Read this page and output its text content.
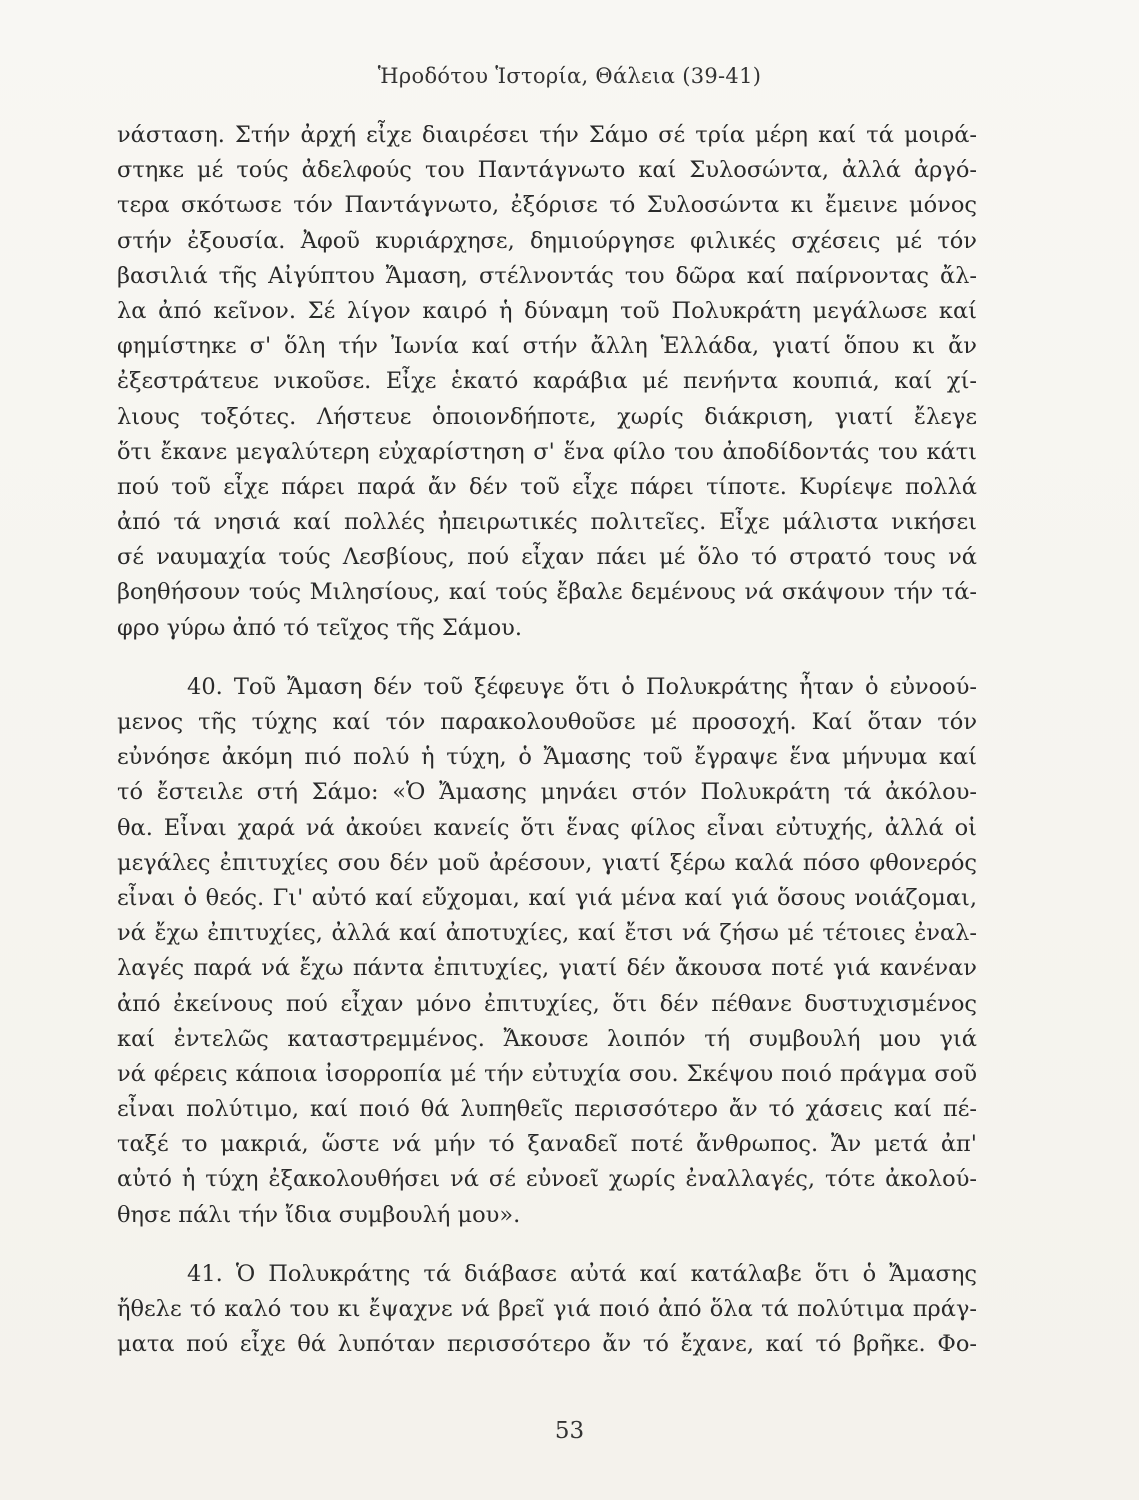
Ἡροδότου Ἱστορία, Θάλεια (39-41)
νάσταση. Στήν ἀρχή εἶχε διαιρέσει τήν Σάμο σέ τρία μέρη καί τά μοιρά-
στηκε μέ τούς ἀδελφούς του Παντάγνωτο καί Συλοσώντα, ἀλλά ἀργό-
τερα σκότωσε τόν Παντάγνωτο, ἐξόρισε τό Συλοσώντα κι ἔμεινε μόνος
στήν ἐξουσία. Ἀφοῦ κυριάρχησε, δημιούργησε φιλικές σχέσεις μέ τόν
βασιλιά τῆς Αἰγύπτου Ἄμαση, στέλνοντάς του δῶρα καί παίρνοντας ἄλ-
λα ἀπό κεῖνον. Σέ λίγον καιρό ἡ δύναμη τοῦ Πολυκράτη μεγάλωσε καί
φημίστηκε σ' ὅλη τήν Ἰωνία καί στήν ἄλλη Ἑλλάδα, γιατί ὅπου κι ἄν
ἐξεστράτευε νικοῦσε. Εἶχε ἑκατό καράβια μέ πενήντα κουπιά, καί χί-
λιους τοξότες. Λήστευε ὁποιονδήποτε, χωρίς διάκριση, γιατί ἔλεγε
ὅτι ἔκανε μεγαλύτερη εὐχαρίστηση σ' ἕνα φίλο του ἀποδίδοντάς του κάτι
πού τοῦ εἶχε πάρει παρά ἄν δέν τοῦ εἶχε πάρει τίποτε. Κυρίεψε πολλά
ἀπό τά νησιά καί πολλές ἠπειρωτικές πολιτεῖες. Εἶχε μάλιστα νικήσει
σέ ναυμαχία τούς Λεσβίους, πού εἶχαν πάει μέ ὅλο τό στρατό τους νά
βοηθήσουν τούς Μιλησίους, καί τούς ἔβαλε δεμένους νά σκάψουν τήν τά-
φρο γύρω ἀπό τό τεῖχος τῆς Σάμου.
40. Τοῦ Ἄμαση δέν τοῦ ξέφευγε ὅτι ὁ Πολυκράτης ἦταν ὁ εὐνοού-
μενος τῆς τύχης καί τόν παρακολουθοῦσε μέ προσοχή. Καί ὅταν τόν
εὐνόησε ἀκόμη πιό πολύ ἡ τύχη, ὁ Ἄμασης τοῦ ἔγραψε ἕνα μήνυμα καί
τό ἔστειλε στή Σάμο: «Ὁ Ἄμασης μηνάει στόν Πολυκράτη τά ἀκόλου-
θα. Εἶναι χαρά νά ἀκούει κανείς ὅτι ἕνας φίλος εἶναι εὐτυχής, ἀλλά οἱ
μεγάλες ἐπιτυχίες σου δέν μοῦ ἀρέσουν, γιατί ξέρω καλά πόσο φθονερός
εἶναι ὁ θεός. Γι' αὐτό καί εὔχομαι, καί γιά μένα καί γιά ὅσους νοιάζομαι,
νά ἔχω ἐπιτυχίες, ἀλλά καί ἀποτυχίες, καί ἔτσι νά ζήσω μέ τέτοιες ἐναλ-
λαγές παρά νά ἔχω πάντα ἐπιτυχίες, γιατί δέν ἄκουσα ποτέ γιά κανέναν
ἀπό ἐκείνους πού εἶχαν μόνο ἐπιτυχίες, ὅτι δέν πέθανε δυστυχισμένος
καί ἐντελῶς καταστρεμμένος. Ἄκουσε λοιπόν τή συμβουλή μου γιά
νά φέρεις κάποια ἰσορροπία μέ τήν εὐτυχία σου. Σκέψου ποιό πράγμα σοῦ
εἶναι πολύτιμο, καί ποιό θά λυπηθεῖς περισσότερο ἄν τό χάσεις καί πέ-
ταξέ το μακριά, ὥστε νά μήν τό ξαναδεῖ ποτέ ἄνθρωπος. Ἄν μετά ἀπ'
αὐτό ἡ τύχη ἐξακολουθήσει νά σέ εὐνοεῖ χωρίς ἐναλλαγές, τότε ἀκολού-
θησε πάλι τήν ἴδια συμβουλή μου».
41. Ὁ Πολυκράτης τά διάβασε αὐτά καί κατάλαβε ὅτι ὁ Ἄμασης
ἤθελε τό καλό του κι ἔψαχνε νά βρεῖ γιά ποιό ἀπό ὅλα τά πολύτιμα πράγ-
ματα πού εἶχε θά λυπόταν περισσότερο ἄν τό ἔχανε, καί τό βρῆκε. Φο-
53
